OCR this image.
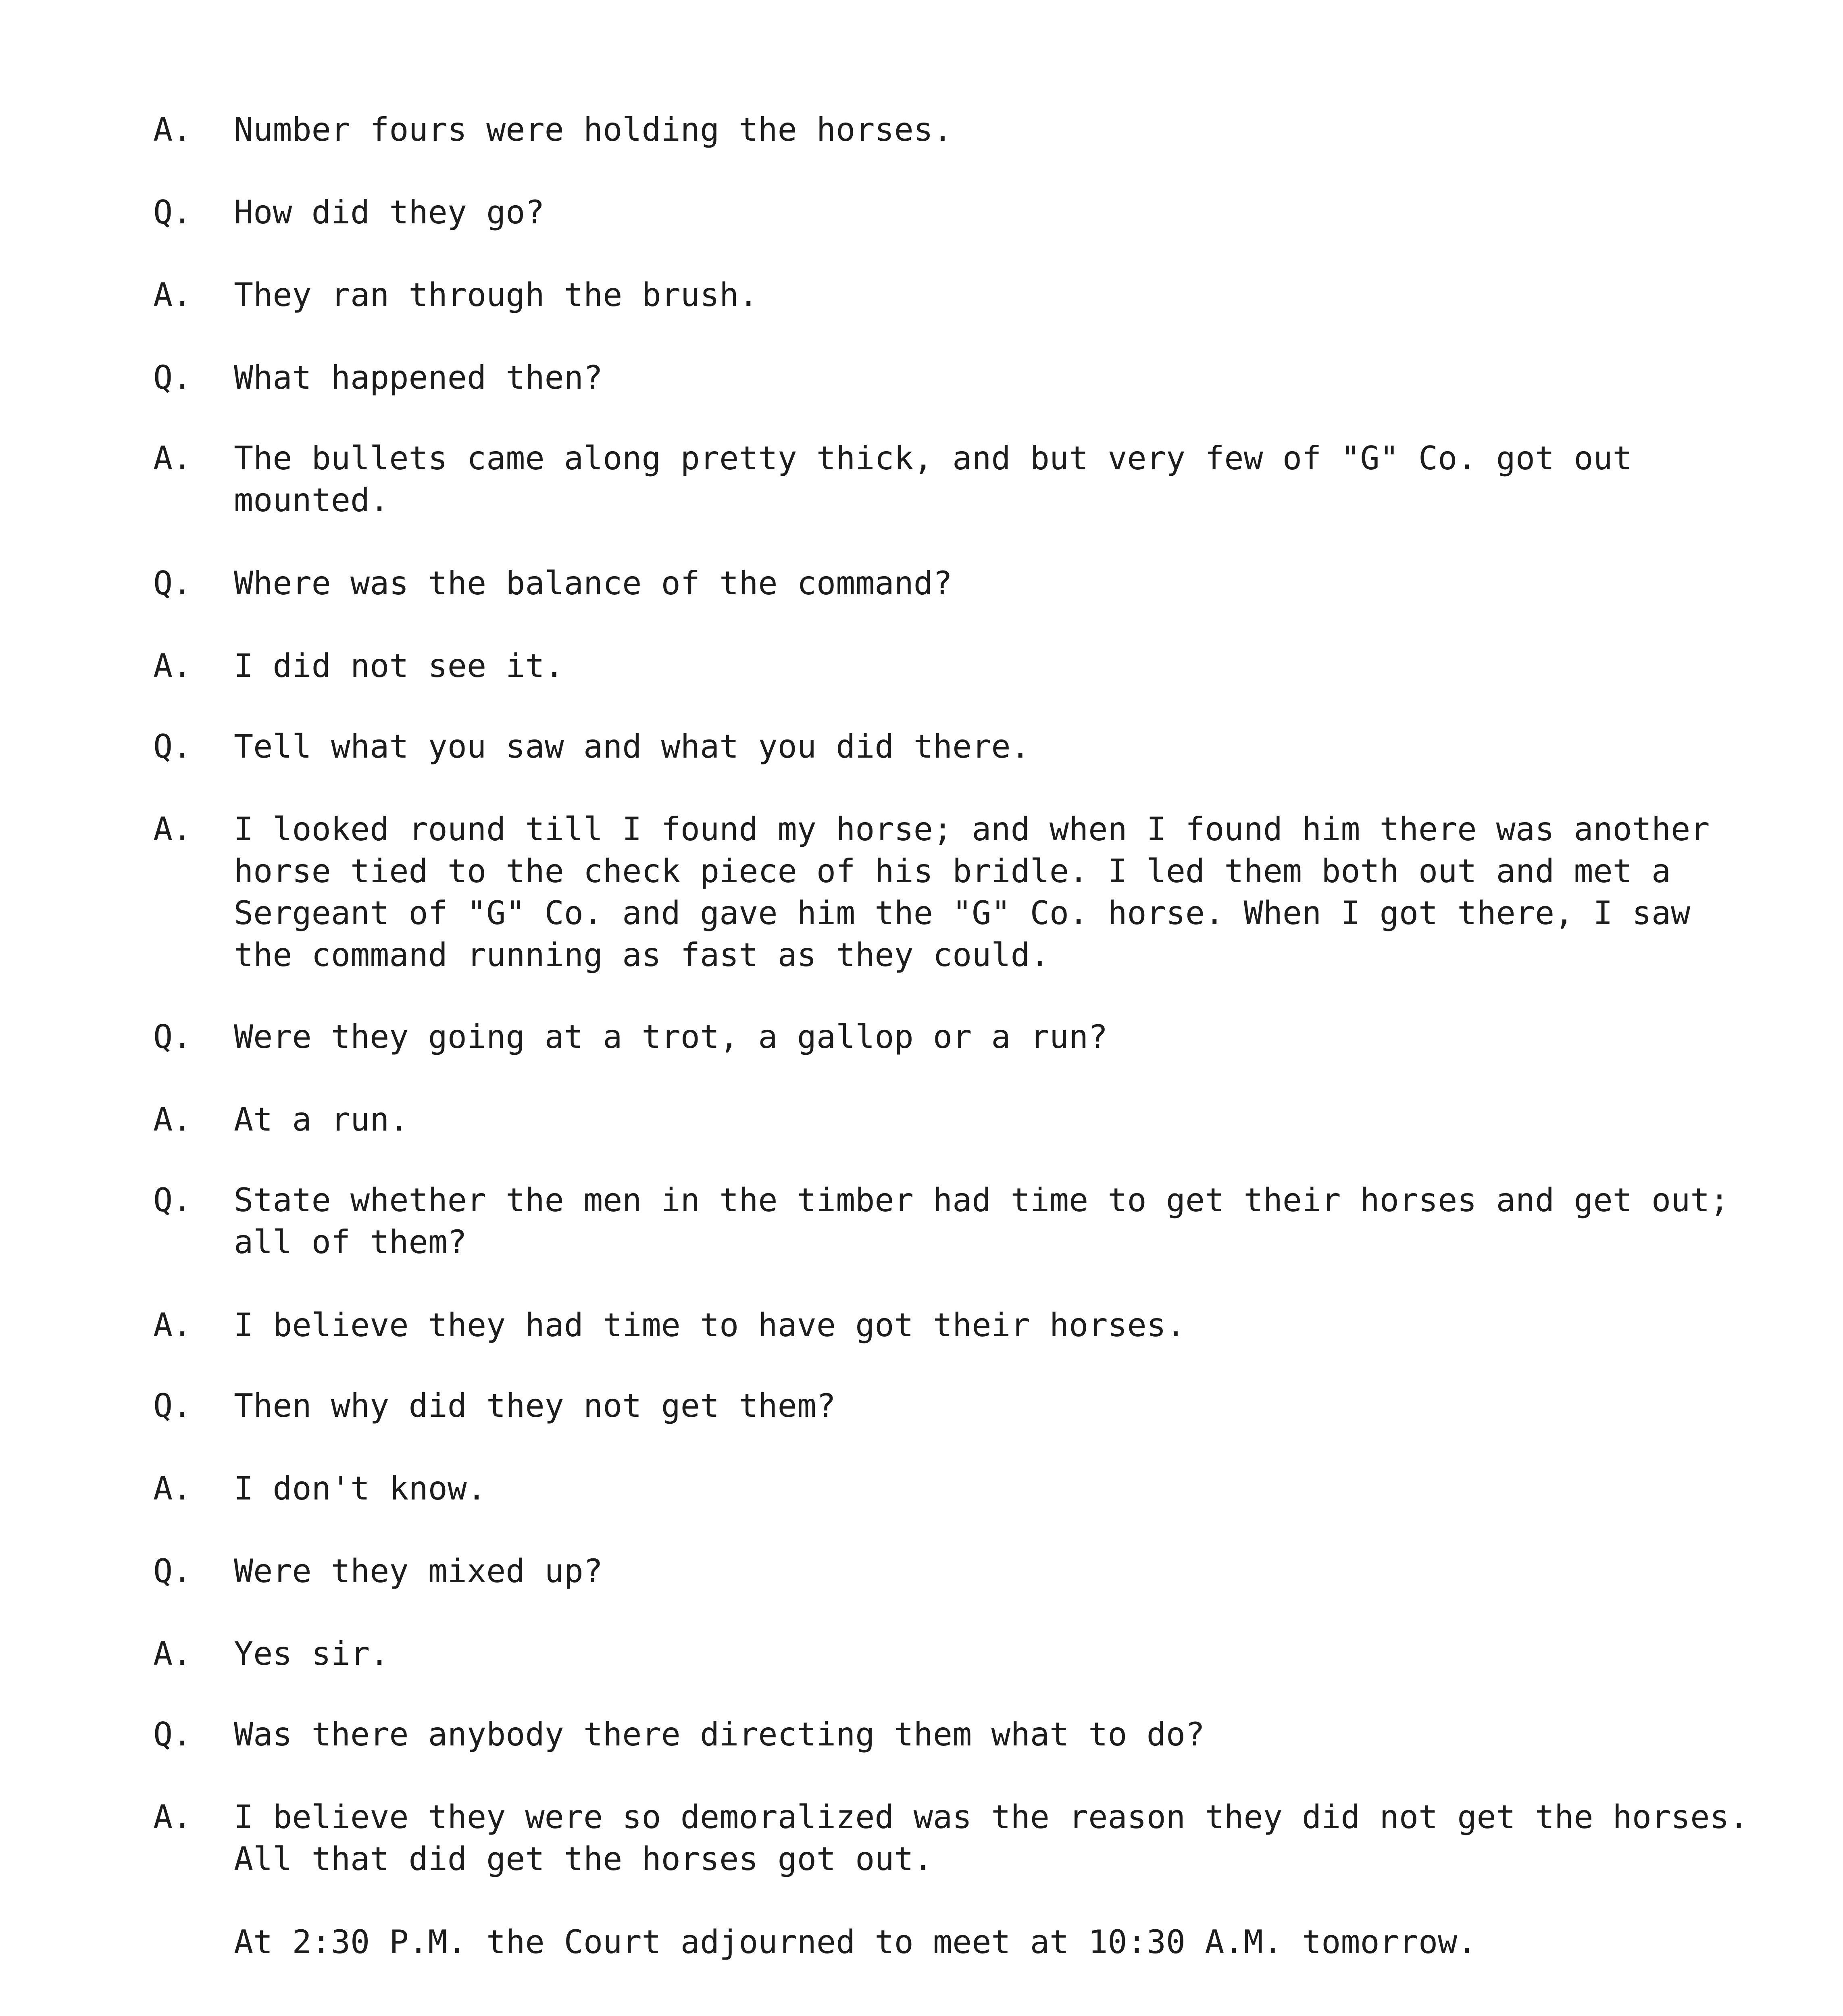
A.	Number fours were holding the horses.
Q.	How did they go?
A.	They ran through the brush.
Q.	What happened then?
A.	The bullets came along pretty thick, and but very few of "G" Co. got out mounted.
Q.	Where was the balance of the command?
A.	I did not see it.
Q.	Tell what you saw and what you did there.
A.	I looked round till I found my horse; and when I found him there was another horse tied to the check piece of his bridle. I led them both out and met a Sergeant of "G" Co. and gave him the "G" Co. horse. When I got there, I saw the command running as fast as they could.
Q.	Were they going at a trot, a gallop or a run?
A.	At a run.
Q.	State whether the men in the timber had time to get their horses and get out; all of them?
A.	I believe they had time to have got their horses.
Q.	Then why did they not get them?
A.	I don't know.
Q.	Were they mixed up?
A.	Yes sir.
Q.	Was there anybody there directing them what to do?
A.	I believe they were so demoralized was the reason they did not get the horses. All that did get the horses got out.
At 2:30 P.M. the Court adjourned to meet at 10:30 A.M. tomorrow.
